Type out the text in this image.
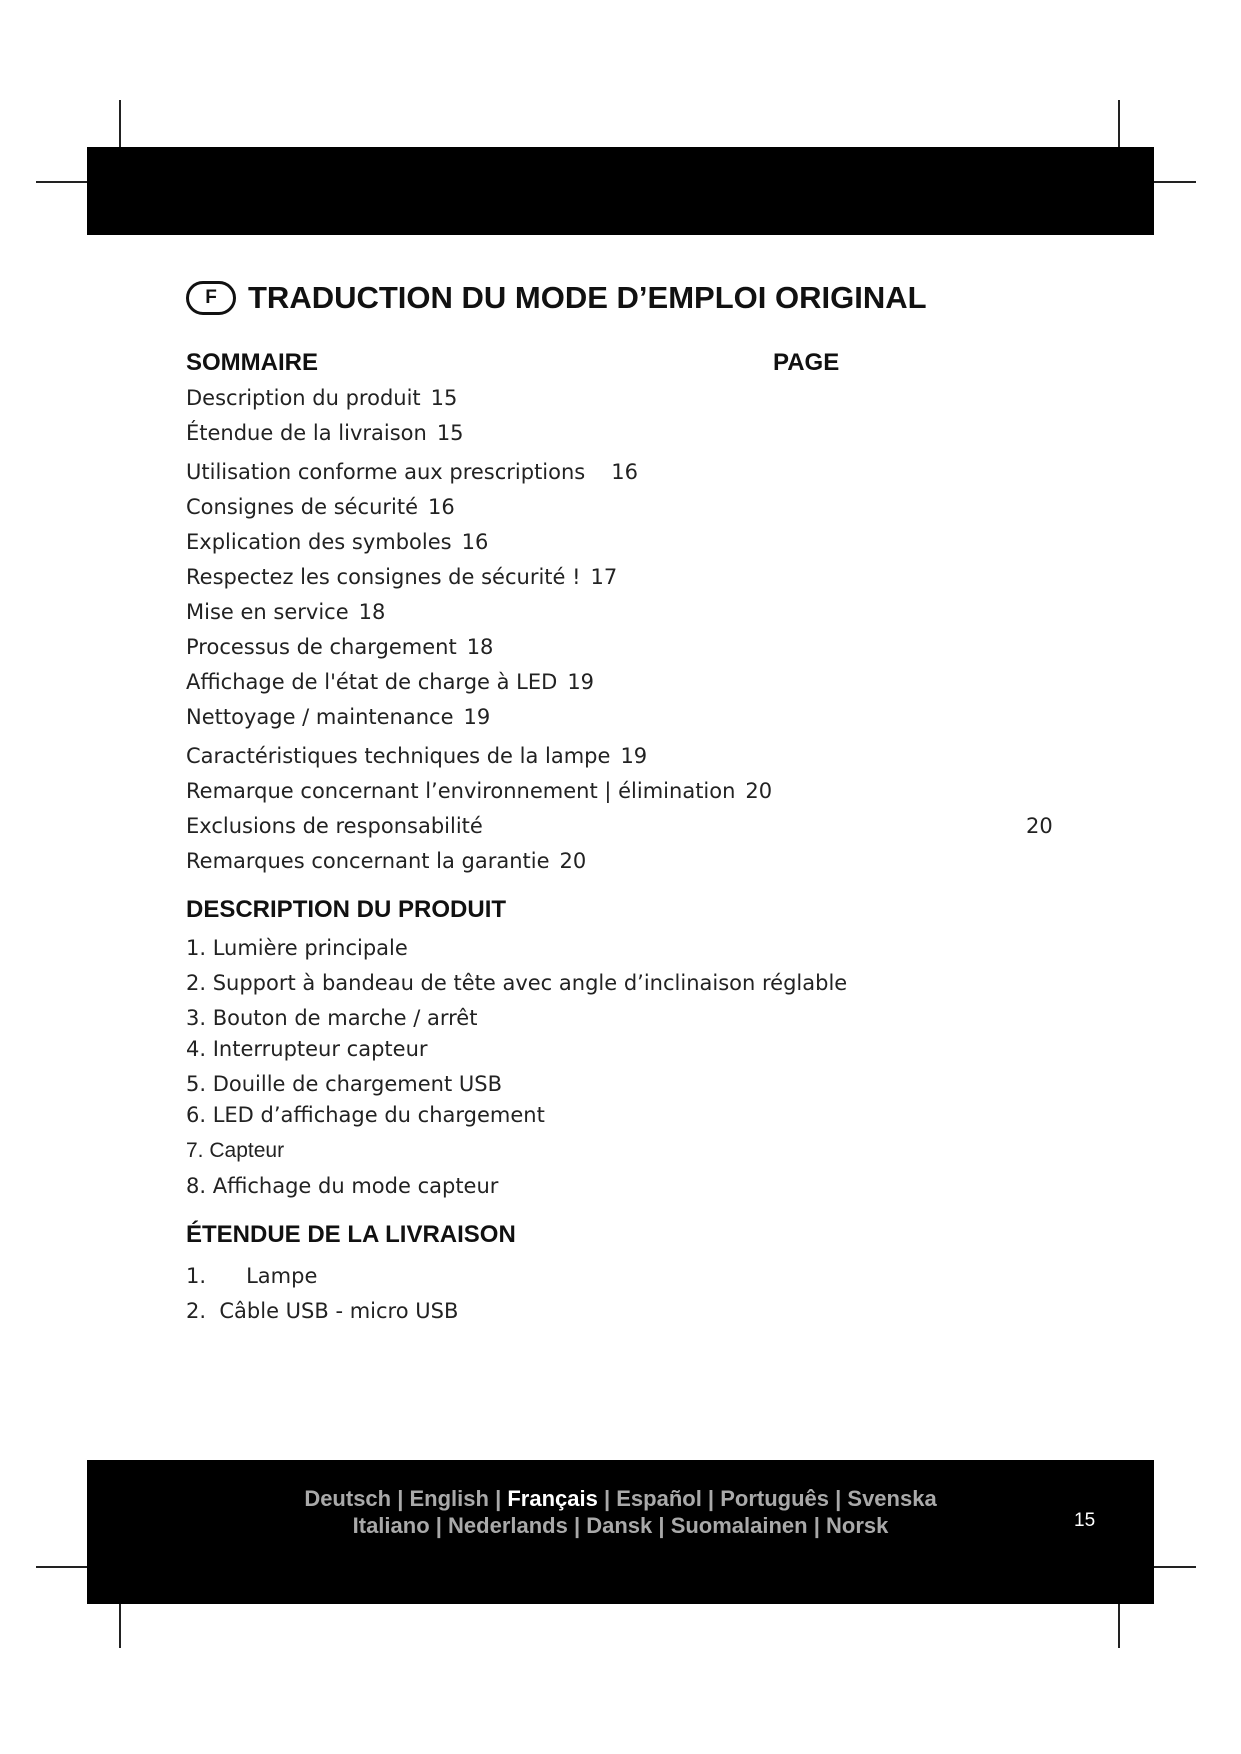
F	TRADUCTION DU MODE D’EMPLOI ORIGINAL
SOMMAIRE	PAGE
Description du produit 15
Étendue de la livraison 15
Utilisation conforme aux prescriptions 16
Consignes de sécurité 16
Explication des symboles 16
Respectez les consignes de sécurité ! 17
Mise en service 18
Processus de chargement 18
Affichage de l'état de charge à LED 19
Nettoyage / maintenance 19
Caractéristiques techniques de la lampe 19
Remarque concernant l’environnement | élimination 20
Exclusions de responsabilité	20
Remarques concernant la garantie 20
DESCRIPTION DU PRODUIT
1. Lumière principale
2. Support à bandeau de tête avec angle d’inclinaison réglable
3. Bouton de marche / arrêt
4. Interrupteur capteur
5. Douille de chargement USB
6. LED d’affichage du chargement
7. Capteur
8. Affichage du mode capteur
ÉTENDUE DE LA LIVRAISON
1.      Lampe
2.  Câble USB - micro USB
Deutsch | English | Français | Español | Português | Svenska
Italiano | Nederlands | Dansk | Suomalainen | Norsk	15
